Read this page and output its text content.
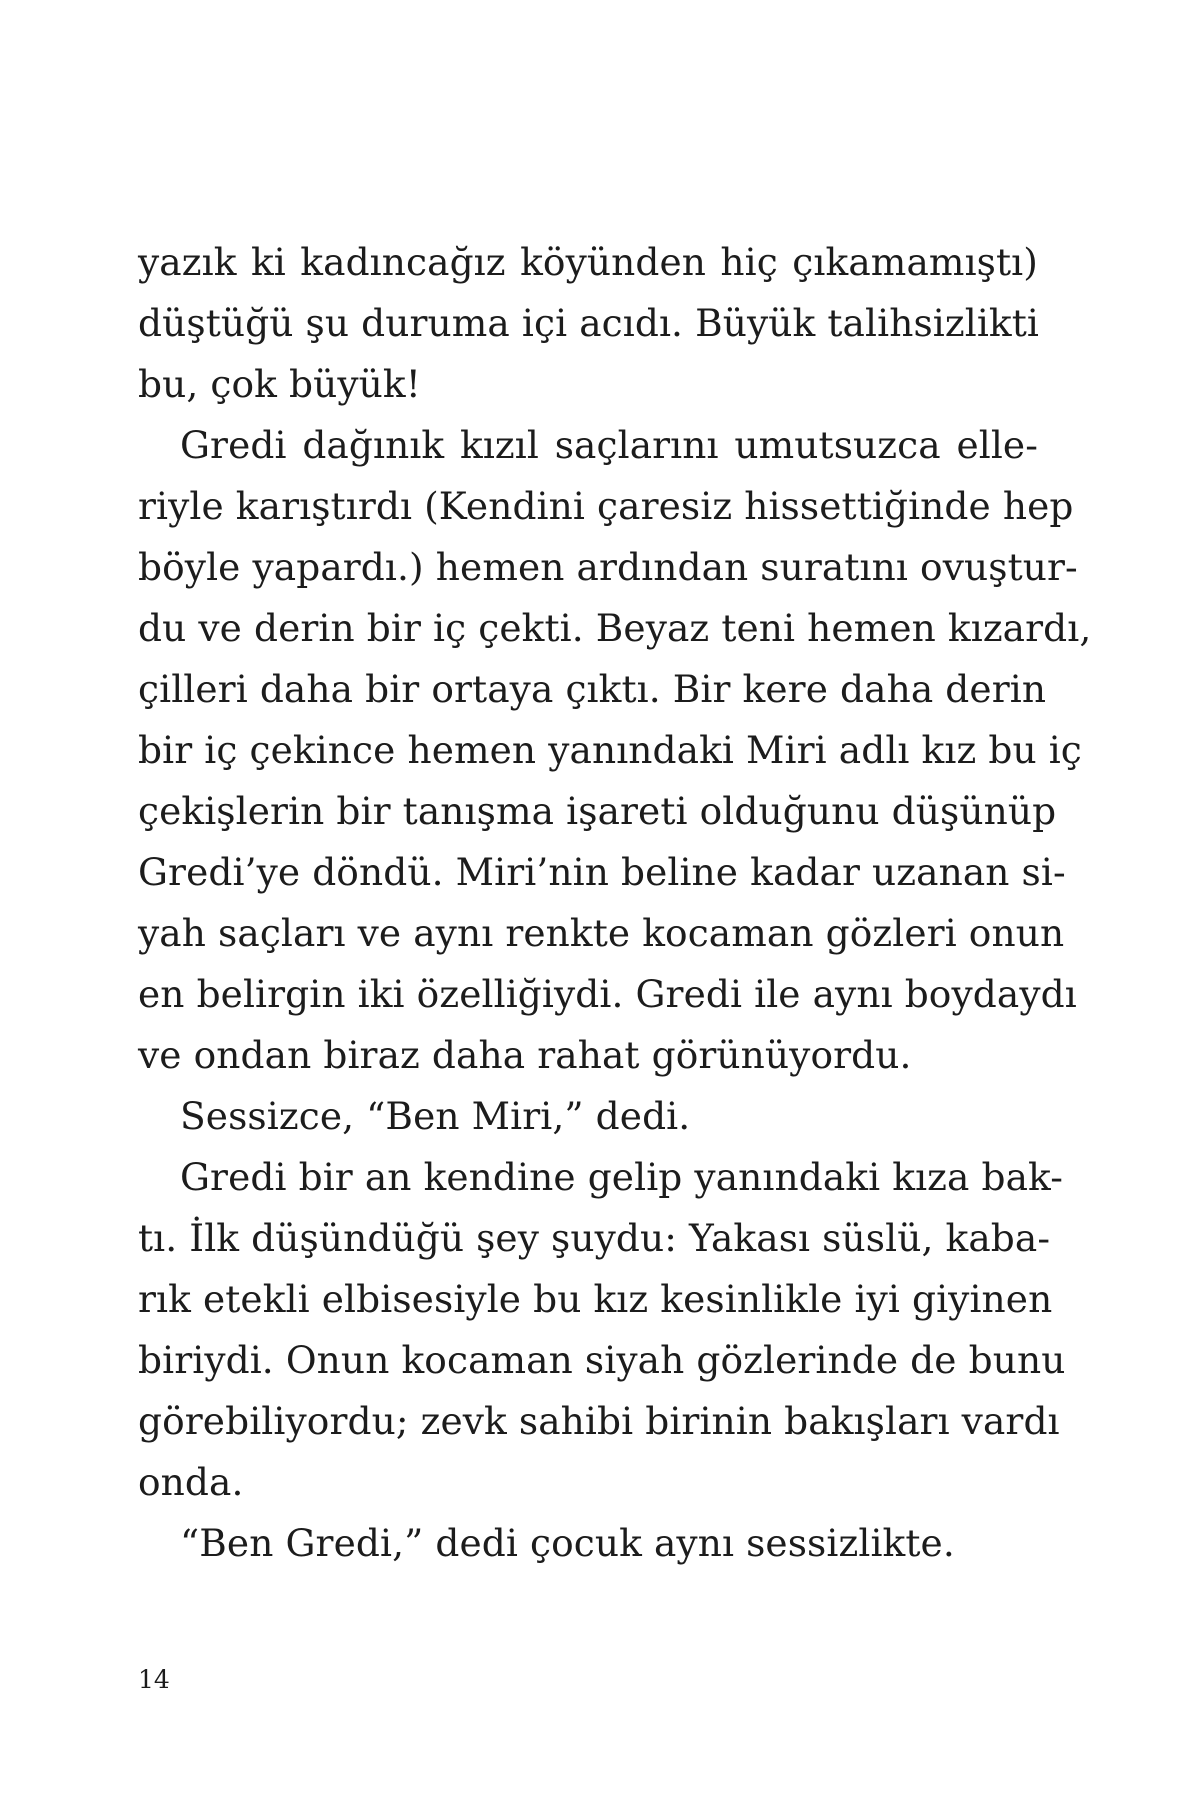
yazık ki kadıncağız köyünden hiç çıkamamıştı)
düştüğü şu duruma içi acıdı. Büyük talihsizlikti
bu, çok büyük!
Gredi dağınık kızıl saçlarını umutsuzca elle-
riyle karıştırdı (Kendini çaresiz hissettiğinde hep
böyle yapardı.) hemen ardından suratını ovuştur-
du ve derin bir iç çekti. Beyaz teni hemen kızardı,
çilleri daha bir ortaya çıktı. Bir kere daha derin
bir iç çekince hemen yanındaki Miri adlı kız bu iç
çekişlerin bir tanışma işareti olduğunu düşünüp
Gredi’ye döndü. Miri’nin beline kadar uzanan si-
yah saçları ve aynı renkte kocaman gözleri onun
en belirgin iki özelliğiydi. Gredi ile aynı boydaydı
ve ondan biraz daha rahat görünüyordu.
Sessizce, “Ben Miri,” dedi.
Gredi bir an kendine gelip yanındaki kıza bak-
tı. İlk düşündüğü şey şuydu: Yakası süslü, kaba-
rık etekli elbisesiyle bu kız kesinlikle iyi giyinen
biriydi. Onun kocaman siyah gözlerinde de bunu
görebiliyordu; zevk sahibi birinin bakışları vardı
onda.
“Ben Gredi,” dedi çocuk aynı sessizlikte.
14
